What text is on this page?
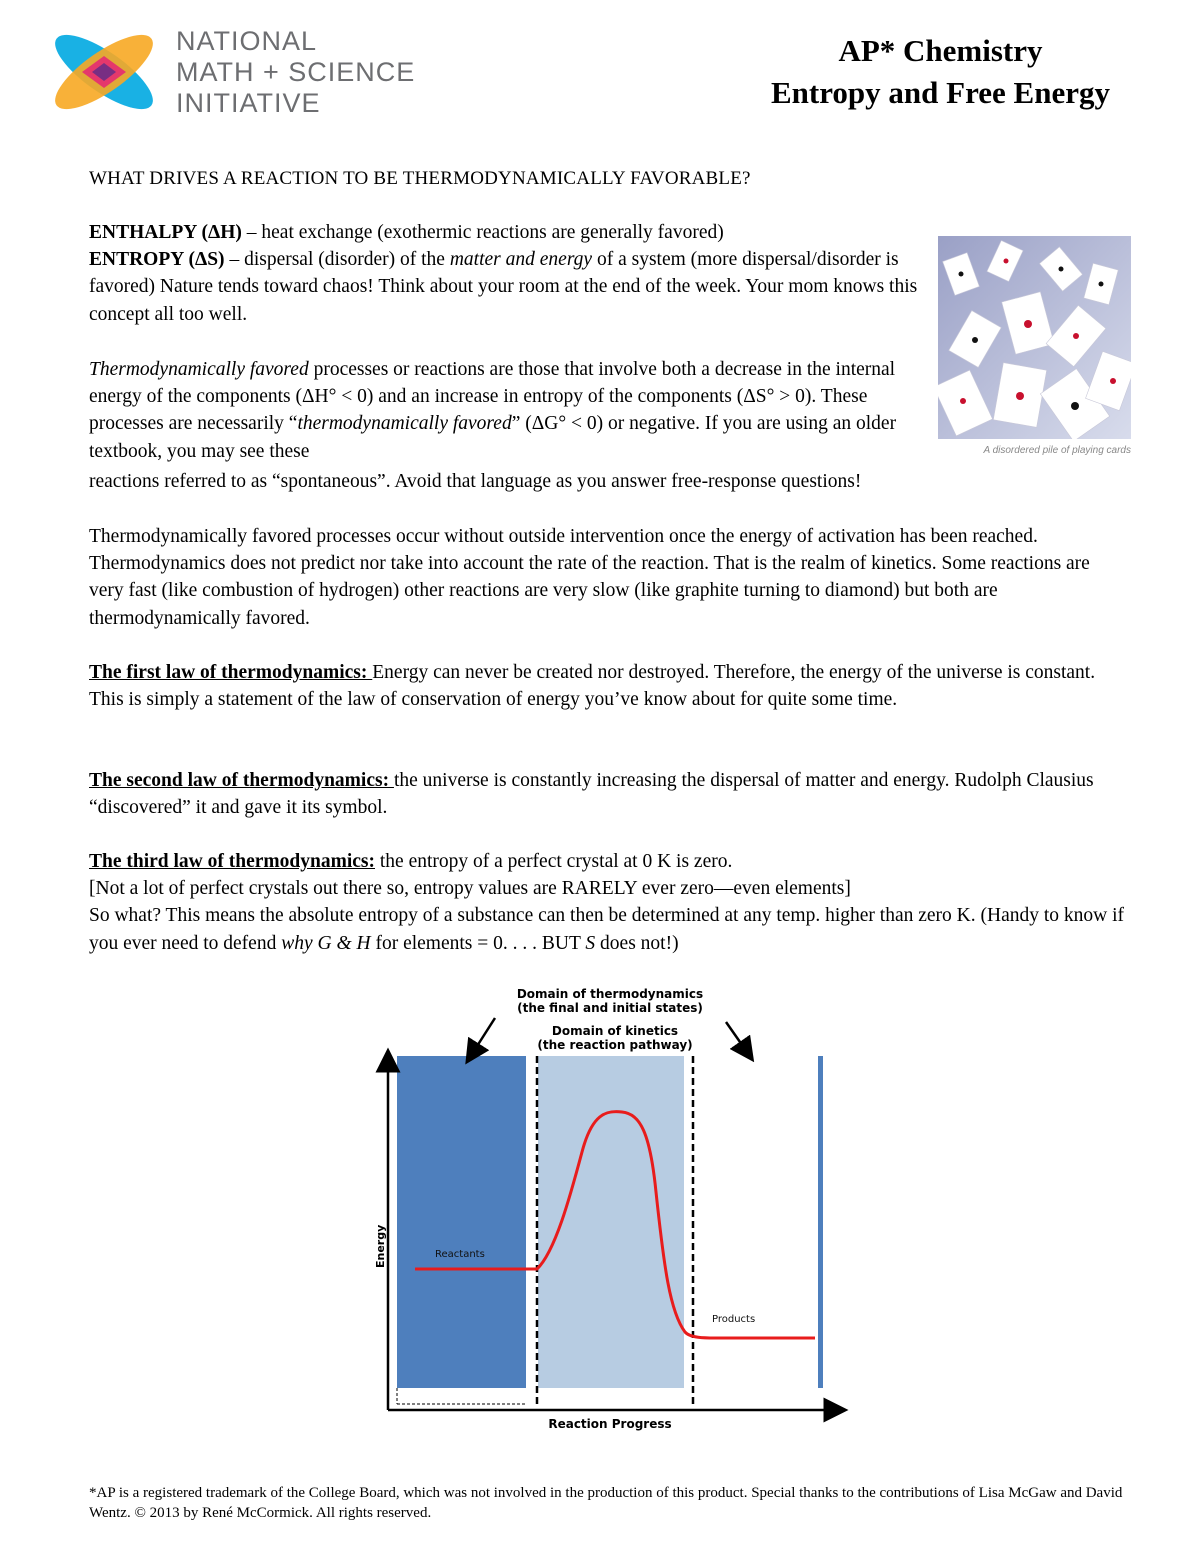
NATIONAL
MATH + SCIENCE
INITIATIVE
AP* Chemistry
Entropy and Free Energy
WHAT DRIVES A REACTION TO BE THERMODYNAMICALLY FAVORABLE?
ENTHALPY (ΔH) – heat exchange (exothermic reactions are generally favored)
ENTROPY (ΔS) – dispersal (disorder) of the matter and energy of a system (more dispersal/disorder is favored) Nature tends toward chaos! Think about your room at the end of the week. Your mom knows this concept all too well.
Thermodynamically favored processes or reactions are those that involve both a decrease in the internal energy of the components (ΔH° < 0) and an increase in entropy of the components (ΔS° > 0). These processes are necessarily “thermodynamically favored” (ΔG° < 0) or negative. If you are using an older textbook, you may see these
reactions referred to as “spontaneous”. Avoid that language as you answer free-response questions!
A disordered pile of playing cards
Thermodynamically favored processes occur without outside intervention once the energy of activation has been reached. Thermodynamics does not predict nor take into account the rate of the reaction. That is the realm of kinetics. Some reactions are very fast (like combustion of hydrogen) other reactions are very slow (like graphite turning to diamond) but both are thermodynamically favored.
The first law of thermodynamics: Energy can never be created nor destroyed. Therefore, the energy of the universe is constant. This is simply a statement of the law of conservation of energy you’ve know about for quite some time.
The second law of thermodynamics: the universe is constantly increasing the dispersal of matter and energy. Rudolph Clausius “discovered” it and gave it its symbol.
The third law of thermodynamics: the entropy of a perfect crystal at 0 K is zero.
[Not a lot of perfect crystals out there so, entropy values are RARELY ever zero—even elements]
So what? This means the absolute entropy of a substance can then be determined at any temp. higher than zero K. (Handy to know if you ever need to defend why G & H for elements = 0. . . . BUT S does not!)
Domain of thermodynamics
(the final and initial states)
Domain of kinetics
(the reaction pathway)
Reactants
Products
Energy
Reaction Progress
*AP is a registered trademark of the College Board, which was not involved in the production of this product. Special thanks to the contributions of Lisa McGaw and David Wentz. © 2013 by René McCormick. All rights reserved.
